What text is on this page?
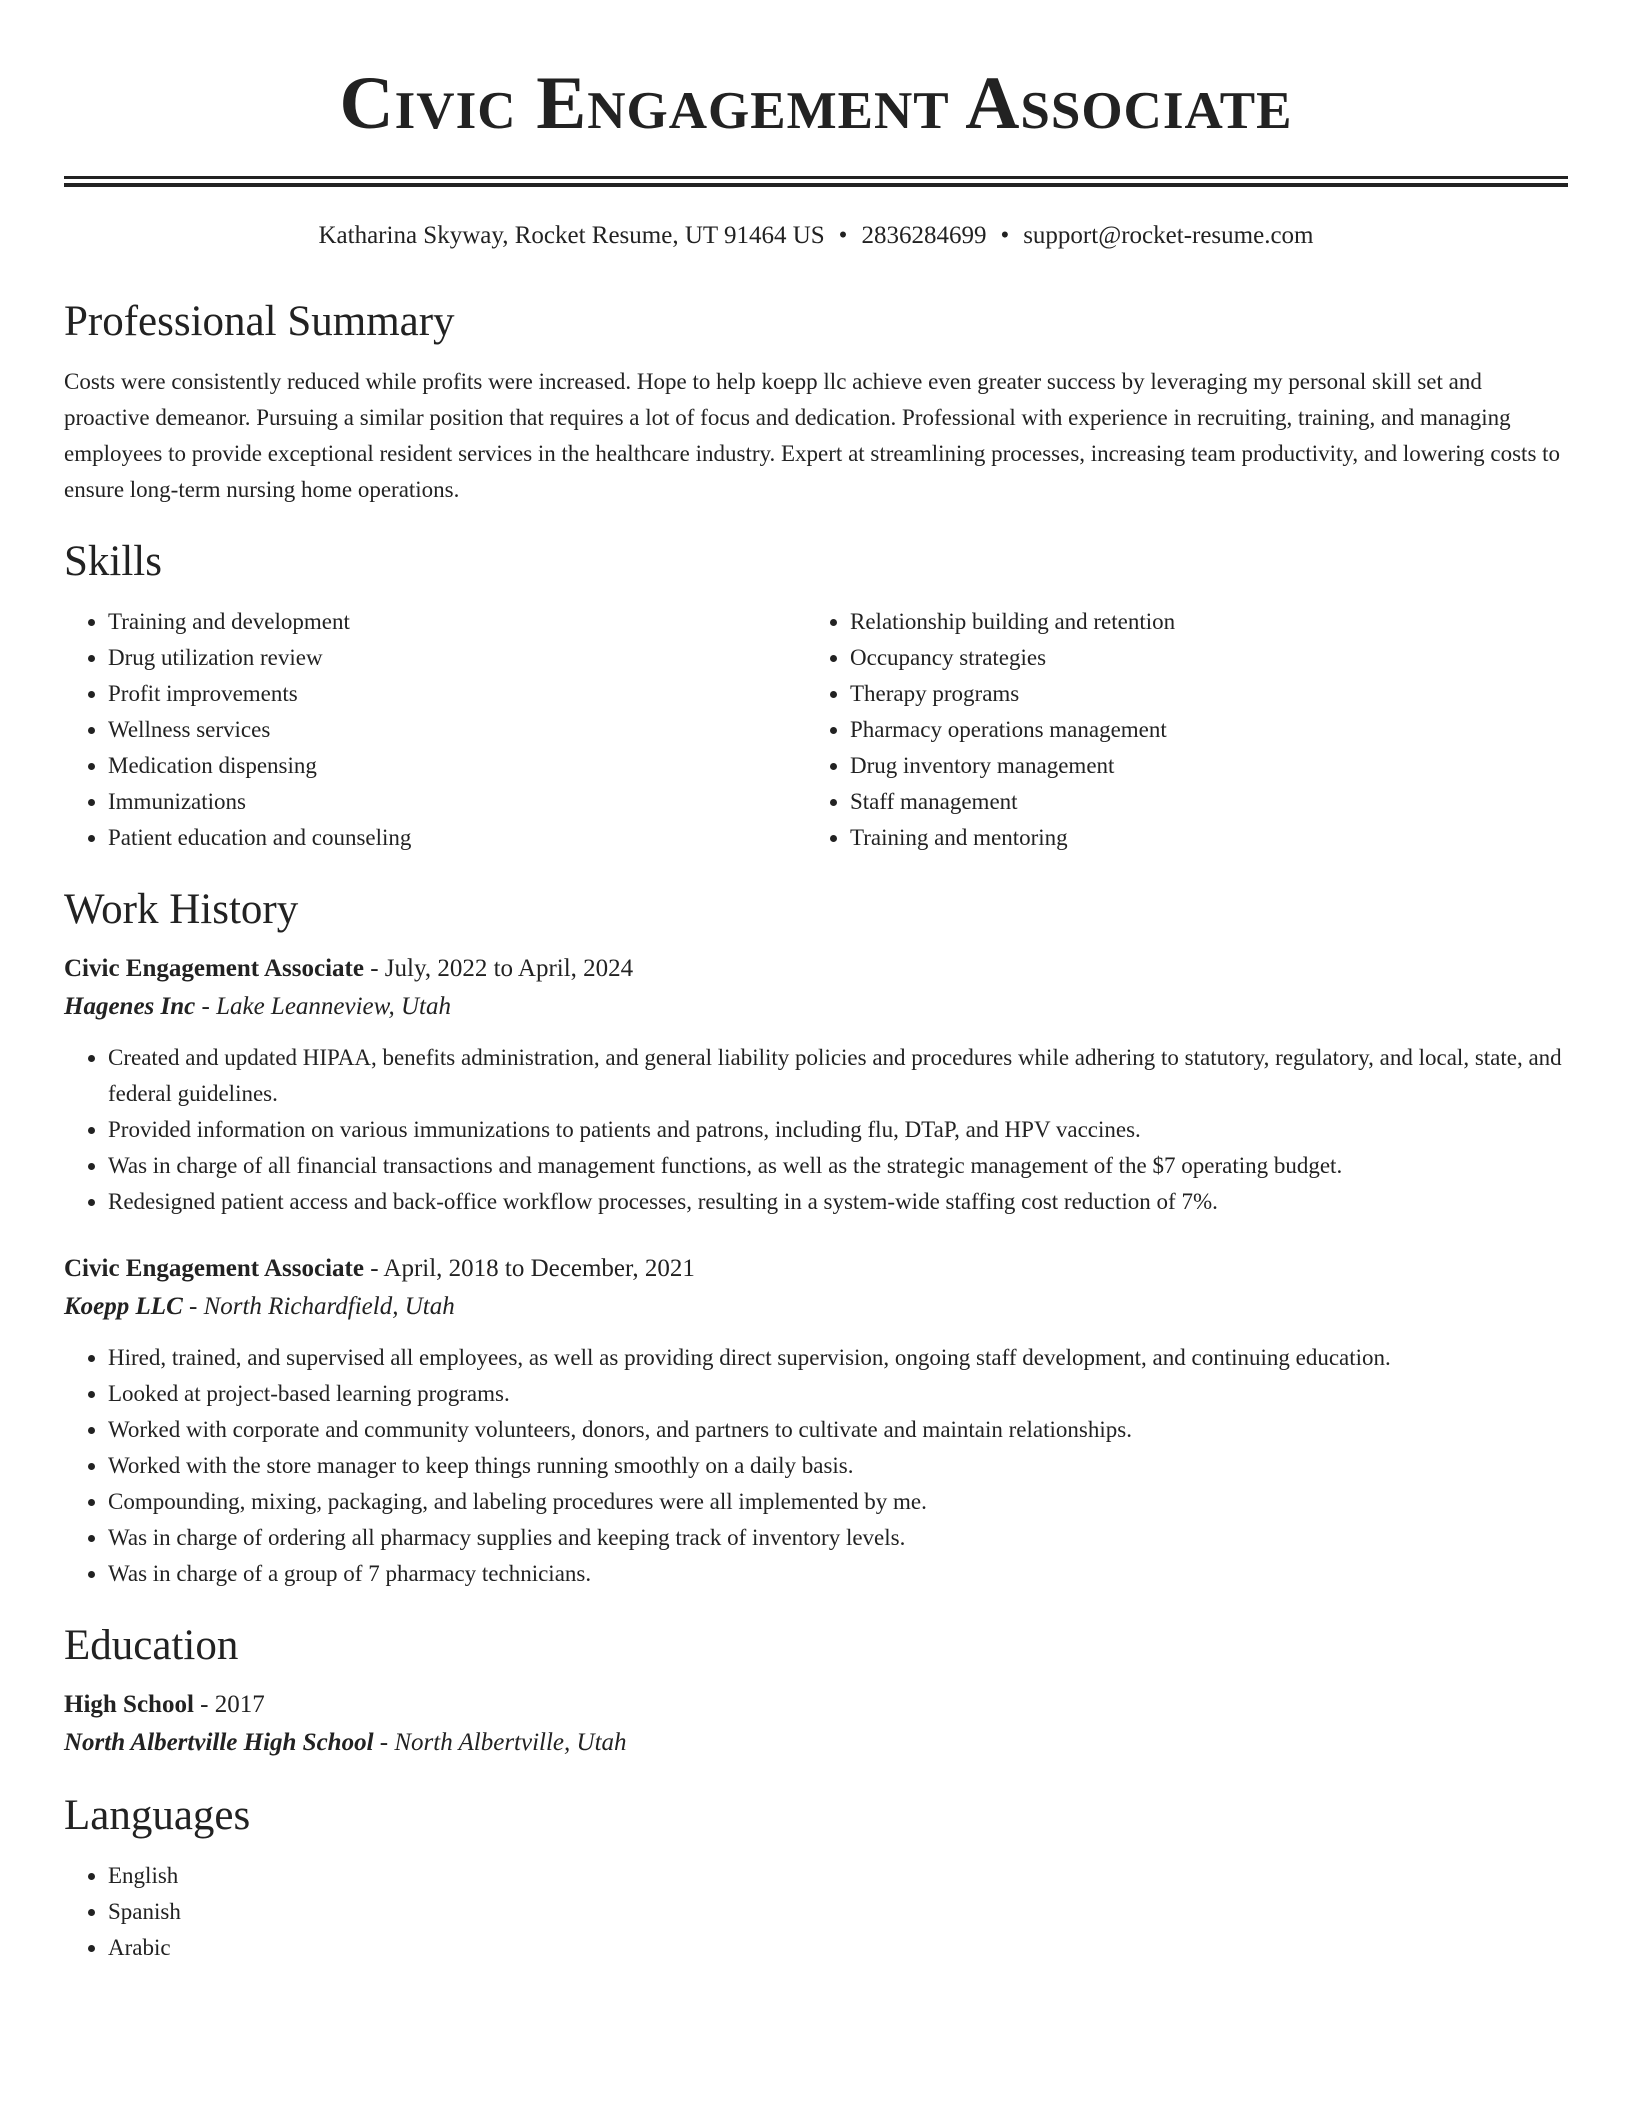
Civic Engagement Associate
Katharina Skyway, Rocket Resume, UT 91464 US • 2836284699 • support@rocket-resume.com
Professional Summary

Costs were consistently reduced while profits were increased. Hope to help koepp llc achieve even greater success by leveraging my personal skill set and proactive demeanor. Pursuing a similar position that requires a lot of focus and dedication. Professional with experience in recruiting, training, and managing employees to provide exceptional resident services in the healthcare industry. Expert at streamlining processes, increasing team productivity, and lowering costs to ensure long-term nursing home operations.

Skills
• Training and development
• Drug utilization review
• Profit improvements
• Wellness services
• Medication dispensing
• Immunizations
• Patient education and counseling
• Relationship building and retention
• Occupancy strategies
• Therapy programs
• Pharmacy operations management
• Drug inventory management
• Staff management
• Training and mentoring
Work History
Civic Engagement Associate - July, 2022 to April, 2024
Hagenes Inc - Lake Leanneview, Utah
• Created and updated HIPAA, benefits administration, and general liability policies and procedures while adhering to statutory, regulatory, and local, state, and federal guidelines.
• Provided information on various immunizations to patients and patrons, including flu, DTaP, and HPV vaccines.
• Was in charge of all financial transactions and management functions, as well as the strategic management of the $7 operating budget.
• Redesigned patient access and back-office workflow processes, resulting in a system-wide staffing cost reduction of 7%.
Civic Engagement Associate - April, 2018 to December, 2021
Koepp LLC - North Richardfield, Utah
• Hired, trained, and supervised all employees, as well as providing direct supervision, ongoing staff development, and continuing education.
• Looked at project-based learning programs.
• Worked with corporate and community volunteers, donors, and partners to cultivate and maintain relationships.
• Worked with the store manager to keep things running smoothly on a daily basis.
• Compounding, mixing, packaging, and labeling procedures were all implemented by me.
• Was in charge of ordering all pharmacy supplies and keeping track of inventory levels.
• Was in charge of a group of 7 pharmacy technicians.
Education
High School - 2017
North Albertville High School - North Albertville, Utah
Languages
• English
• Spanish
• Arabic
